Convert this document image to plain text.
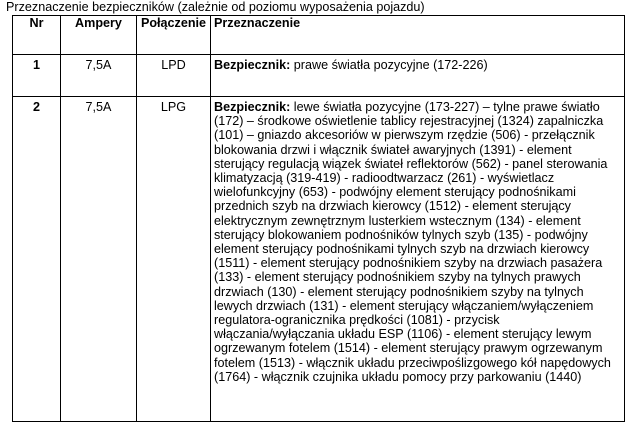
Przeznaczenie bezpieczników (zależnie od poziomu wyposażenia pojazdu)
Nr	Ampery	Połączenie	Przeznaczenie
1	7,5A	LPD	Bezpiecznik: prawe światła pozycyjne (172-226)
2	7,5A	LPG	Bezpiecznik: lewe światła pozycyjne (173-227) – tylne prawe światło (172) – środkowe oświetlenie tablicy rejestracyjnej (1324) zapalniczka (101) – gniazdo akcesoriów w pierwszym rzędzie (506) - przełącznik blokowania drzwi i włącznik świateł awaryjnych (1391) - element sterujący regulacją wiązek świateł reflektorów (562) - panel sterowania klimatyzacją (319-419) - radioodtwarzacz (261) - wyświetlacz wielofunkcyjny (653) - podwójny element sterujący podnośnikami przednich szyb na drzwiach kierowcy (1512) - element sterujący elektrycznym zewnętrznym lusterkiem wstecznym (134) - element sterujący blokowaniem podnośników tylnych szyb (135) - podwójny element sterujący podnośnikami tylnych szyb na drzwiach kierowcy (1511) - element sterujący podnośnikiem szyby na drzwiach pasażera (133) - element sterujący podnośnikiem szyby na tylnych prawych drzwiach (130) - element sterujący podnośnikiem szyby na tylnych lewych drzwiach (131) - element sterujący włączaniem/wyłączeniem regulatora-ogranicznika prędkości (1081) - przycisk włączania/wyłączania układu ESP (1106) - element sterujący lewym ogrzewanym fotelem (1514) - element sterujący prawym ogrzewanym fotelem (1513) - włącznik układu przeciwpoślizgowego kół napędowych (1764) - włącznik czujnika układu pomocy przy parkowaniu (1440)
